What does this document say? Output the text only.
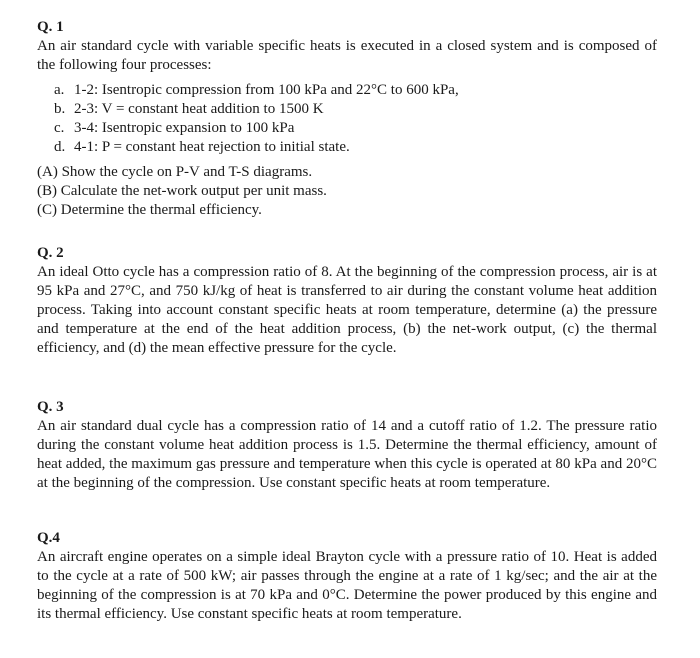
Q. 1

An air standard cycle with variable specific heats is executed in a closed system and is composed of the following four processes:

a. 1-2: Isentropic compression from 100 kPa and 22°C to 600 kPa,
b. 2-3: V = constant heat addition to 1500 K
c. 3-4: Isentropic expansion to 100 kPa
d. 4-1: P = constant heat rejection to initial state.
(A) Show the cycle on P-V and T-S diagrams.
(B) Calculate the net-work output per unit mass.
(C) Determine the thermal efficiency.

Q. 2

An ideal Otto cycle has a compression ratio of 8. At the beginning of the compression process, air is at 95 kPa and 27°C, and 750 kJ/kg of heat is transferred to air during the constant volume heat addition process. Taking into account constant specific heats at room temperature, determine (a) the pressure and temperature at the end of the heat addition process, (b) the net-work output, (c) the thermal efficiency, and (d) the mean effective pressure for the cycle.

Q. 3

An air standard dual cycle has a compression ratio of 14 and a cutoff ratio of 1.2. The pressure ratio during the constant volume heat addition process is 1.5. Determine the thermal efficiency, amount of heat added, the maximum gas pressure and temperature when this cycle is operated at 80 kPa and 20°C at the beginning of the compression. Use constant specific heats at room temperature.

Q.4

An aircraft engine operates on a simple ideal Brayton cycle with a pressure ratio of 10. Heat is added to the cycle at a rate of 500 kW; air passes through the engine at a rate of 1 kg/sec; and the air at the beginning of the compression is at 70 kPa and 0°C. Determine the power produced by this engine and its thermal efficiency. Use constant specific heats at room temperature.
